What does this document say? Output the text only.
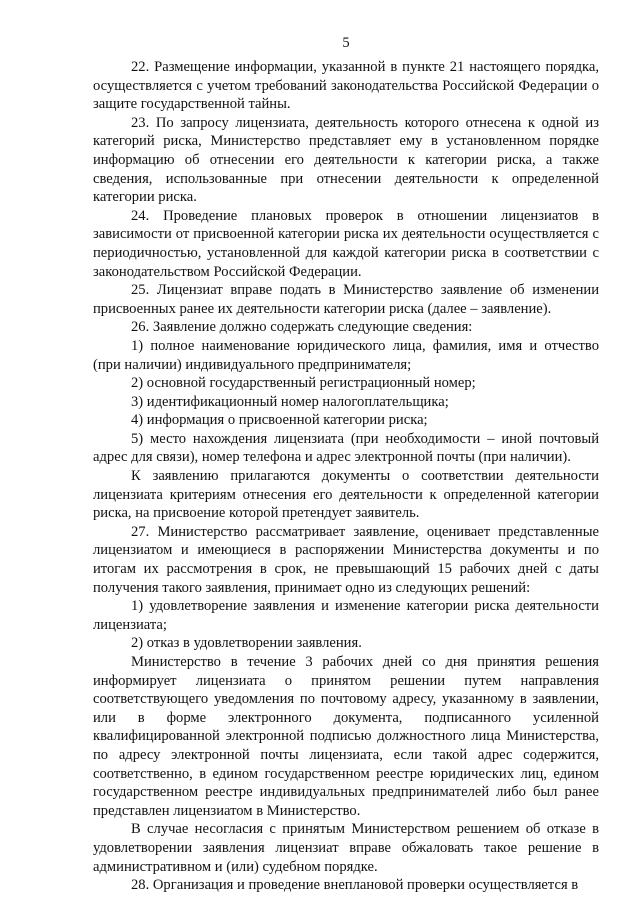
5

22. Размещение информации, указанной в пункте 21 настоящего порядка, осуществляется с учетом требований законодательства Российской Федерации о защите государственной тайны.

23. По запросу лицензиата, деятельность которого отнесена к одной из категорий риска, Министерство представляет ему в установленном порядке информацию об отнесении его деятельности к категории риска, а также сведения, использованные при отнесении деятельности к определенной категории риска.

24. Проведение плановых проверок в отношении лицензиатов в зависимости от присвоенной категории риска их деятельности осуществляется с периодичностью, установленной для каждой категории риска в соответствии с законодательством Российской Федерации.

25. Лицензиат вправе подать в Министерство заявление об изменении присвоенных ранее их деятельности категории риска (далее – заявление).

26. Заявление должно содержать следующие сведения:

1) полное наименование юридического лица, фамилия, имя и отчество (при наличии) индивидуального предпринимателя;

2) основной государственный регистрационный номер;

3) идентификационный номер налогоплательщика;

4) информация о присвоенной категории риска;

5) место нахождения лицензиата (при необходимости – иной почтовый адрес для связи), номер телефона и адрес электронной почты (при наличии).

К заявлению прилагаются документы о соответствии деятельности лицензиата критериям отнесения его деятельности к определенной категории риска, на присвоение которой претендует заявитель.

27. Министерство рассматривает заявление, оценивает представленные лицензиатом и имеющиеся в распоряжении Министерства документы и по итогам их рассмотрения в срок, не превышающий 15 рабочих дней с даты получения такого заявления, принимает одно из следующих решений:

1) удовлетворение заявления и изменение категории риска деятельности лицензиата;

2) отказ в удовлетворении заявления.

Министерство в течение 3 рабочих дней со дня принятия решения информирует лицензиата о принятом решении путем направления соответствующего уведомления по почтовому адресу, указанному в заявлении, или в форме электронного документа, подписанного усиленной квалифицированной электронной подписью должностного лица Министерства, по адресу электронной почты лицензиата, если такой адрес содержится, соответственно, в едином государственном реестре юридических лиц, едином государственном реестре индивидуальных предпринимателей либо был ранее представлен лицензиатом в Министерство.

В случае несогласия с принятым Министерством решением об отказе в удовлетворении заявления лицензиат вправе обжаловать такое решение в административном и (или) судебном порядке.

28. Организация и проведение внеплановой проверки осуществляется в
